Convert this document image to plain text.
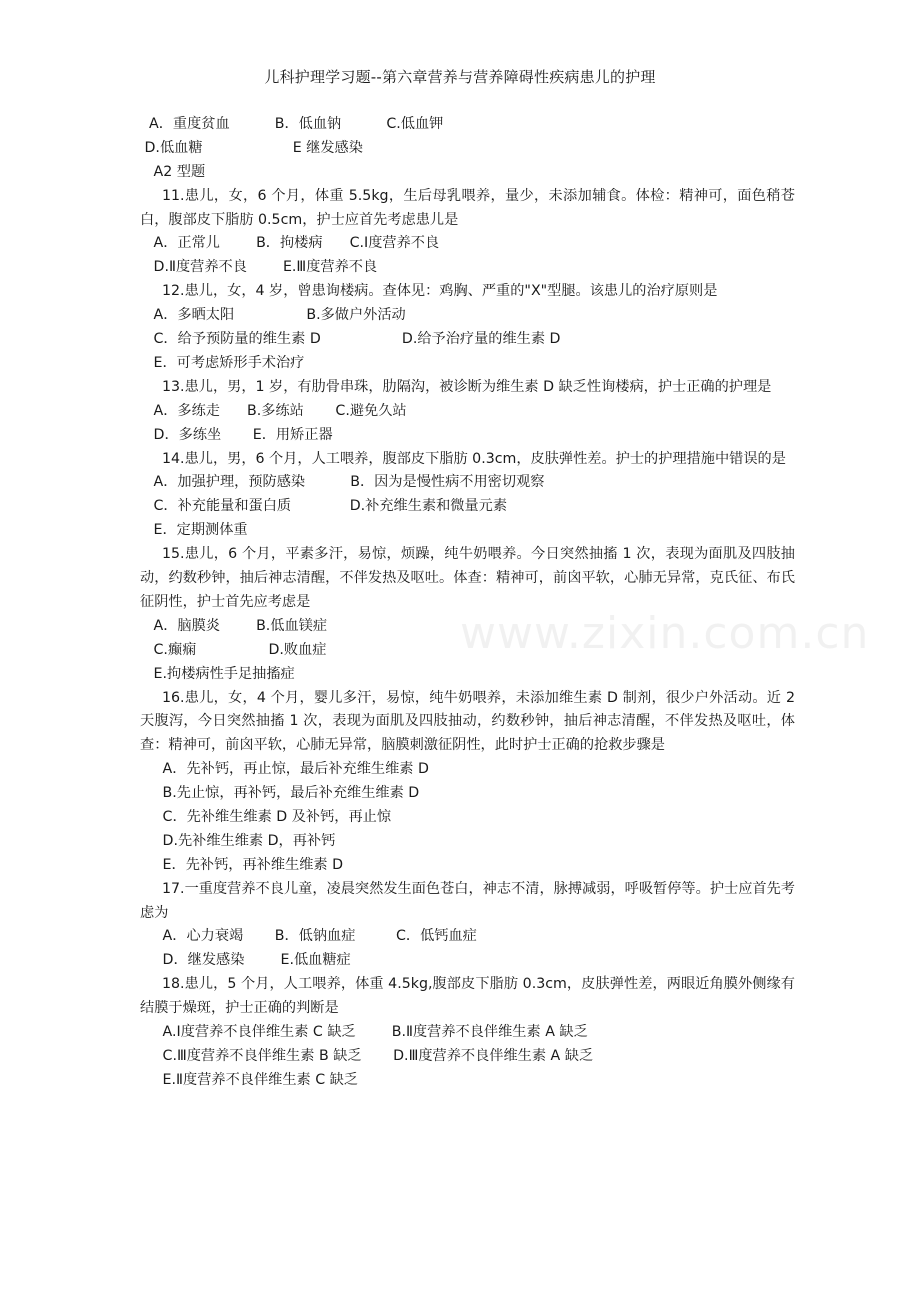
儿科护理学习题--第六章营养与营养障碍性疾病患儿的护理
www.zixin.com.cn
A．重度贫血          B．低血钠          C.低血钾
D.低血糖                    E 继发感染
A2 型题
11.患儿，女，6 个月，体重 5.5kg，生后母乳喂养，量少，未添加辅食。体检：精神可，面色稍苍白，腹部皮下脂肪 0.5cm，护士应首先考虑患儿是
A．正常儿        B．拘楼病      C.Ⅰ度营养不良
D.Ⅱ度营养不良        E.Ⅲ度营养不良
12.患儿，女，4 岁，曾患询楼病。查体见：鸡胸、严重的"X"型腿。该患儿的治疗原则是
A．多晒太阳                B.多做户外活动
C．给予预防量的维生素 D                  D.给予治疗量的维生素 D
E．可考虑矫形手术治疗
13.患儿，男，1 岁，有肋骨串珠，肋隔沟，被诊断为维生素 D 缺乏性询楼病，护士正确的护理是
A．多练走      B.多练站       C.避免久站
D．多练坐       E．用矫正器
14.患儿，男，6 个月，人工喂养，腹部皮下脂肪 0.3cm，皮肤弹性差。护士的护理措施中错误的是
A．加强护理，预防感染          B．因为是慢性病不用密切观察
C．补充能量和蛋白质             D.补充维生素和微量元素
E．定期测体重
15.患儿，6 个月，平素多汗，易惊，烦躁，纯牛奶喂养。今日突然抽搐 1 次，表现为面肌及四肢抽动，约数秒钟，抽后神志清醒，不伴发热及呕吐。体查：精神可，前囟平软，心肺无异常，克氏征、布氏征阴性，护士首先应考虑是
A．脑膜炎        B.低血镁症
C.癫痫                D.败血症
E.拘楼病性手足抽搐症
16.患儿，女，4 个月，婴儿多汗，易惊，纯牛奶喂养，未添加维生素 D 制剂，很少户外活动。近 2 天腹泻，今日突然抽搐 1 次，表现为面肌及四肢抽动，约数秒钟，抽后神志清醒，不伴发热及呕吐，体查：精神可，前囟平软，心肺无异常，脑膜刺激征阴性，此时护士正确的抢救步骤是
A．先补钙，再止惊，最后补充维生维素 D
B.先止惊，再补钙，最后补充维生维素 D
C．先补维生维素 D 及补钙，再止惊
D.先补维生维素 D，再补钙
E．先补钙，再补维生维素 D
17.一重度营养不良儿童，凌晨突然发生面色苍白，神志不清，脉搏减弱，呼吸暂停等。护士应首先考虑为
A．心力衰竭       B．低钠血症         C．低钙血症
D．继发感染        E.低血糖症
18.患儿，5 个月，人工喂养，体重 4.5kg,腹部皮下脂肪 0.3cm，皮肤弹性差，两眼近角膜外侧缘有结膜于燥斑，护士正确的判断是
A.Ⅰ度营养不良伴维生素 C 缺乏        B.Ⅱ度营养不良伴维生素 A 缺乏
C.Ⅲ度营养不良伴维生素 B 缺乏       D.Ⅲ度营养不良伴维生素 A 缺乏
E.Ⅱ度营养不良伴维生素 C 缺乏
